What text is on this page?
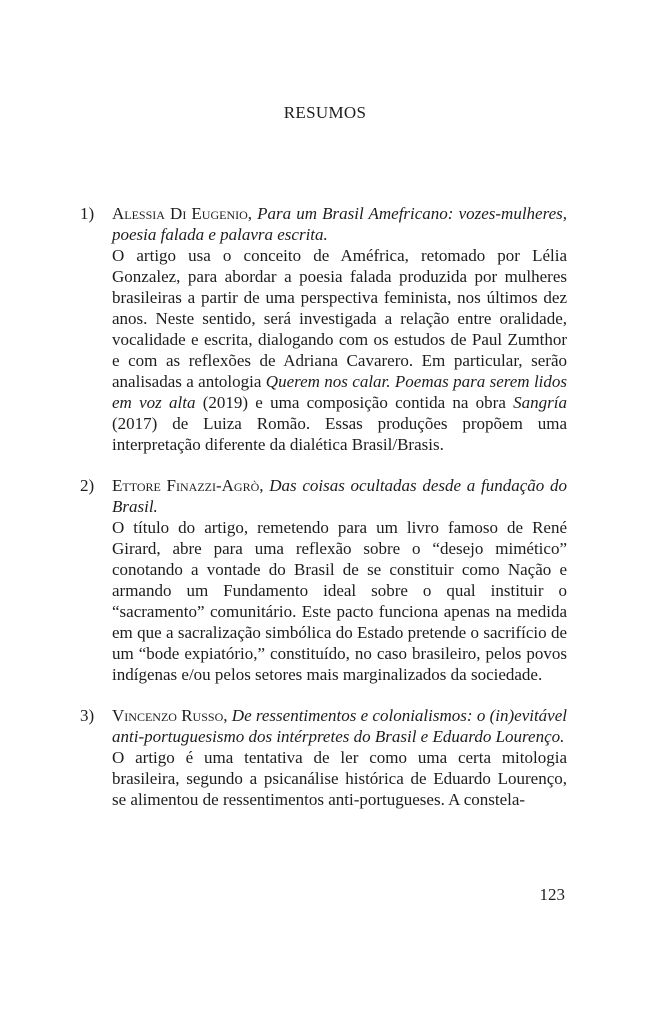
RESUMOS
1) Alessia Di Eugenio, Para um Brasil Amefricano: vozes-mulheres, poesia falada e palavra escrita.
O artigo usa o conceito de Améfrica, retomado por Lélia Gonzalez, para abordar a poesia falada produzida por mulheres brasileiras a partir de uma perspectiva feminista, nos últimos dez anos. Neste sentido, será investigada a relação entre oralidade, vocalidade e escrita, dialogando com os estudos de Paul Zumthor e com as reflexões de Adriana Cavarero. Em particular, serão analisadas a antologia Querem nos calar. Poemas para serem lidos em voz alta (2019) e uma composição contida na obra Sangría (2017) de Luiza Romão. Essas produções propõem uma interpretação diferente da dialética Brasil/Brasis.
2) Ettore Finazzi-Agrò, Das coisas ocultadas desde a fundação do Brasil.
O título do artigo, remetendo para um livro famoso de René Girard, abre para uma reflexão sobre o “desejo mimético” conotando a vontade do Brasil de se constituir como Nação e armando um Fundamento ideal sobre o qual instituir o “sacramento” comunitário. Este pacto funciona apenas na medida em que a sacralização simbólica do Estado pretende o sacrifício de um “bode expiatório,” constituído, no caso brasileiro, pelos povos indígenas e/ou pelos setores mais marginalizados da sociedade.
3) Vincenzo Russo, De ressentimentos e colonialismos: o (in)evitável anti-portuguesismo dos intérpretes do Brasil e Eduardo Lourenço.
O artigo é uma tentativa de ler como uma certa mitologia brasileira, segundo a psicanálise histórica de Eduardo Lourenço, se alimentou de ressentimentos anti-portugueses. A constela-
123
